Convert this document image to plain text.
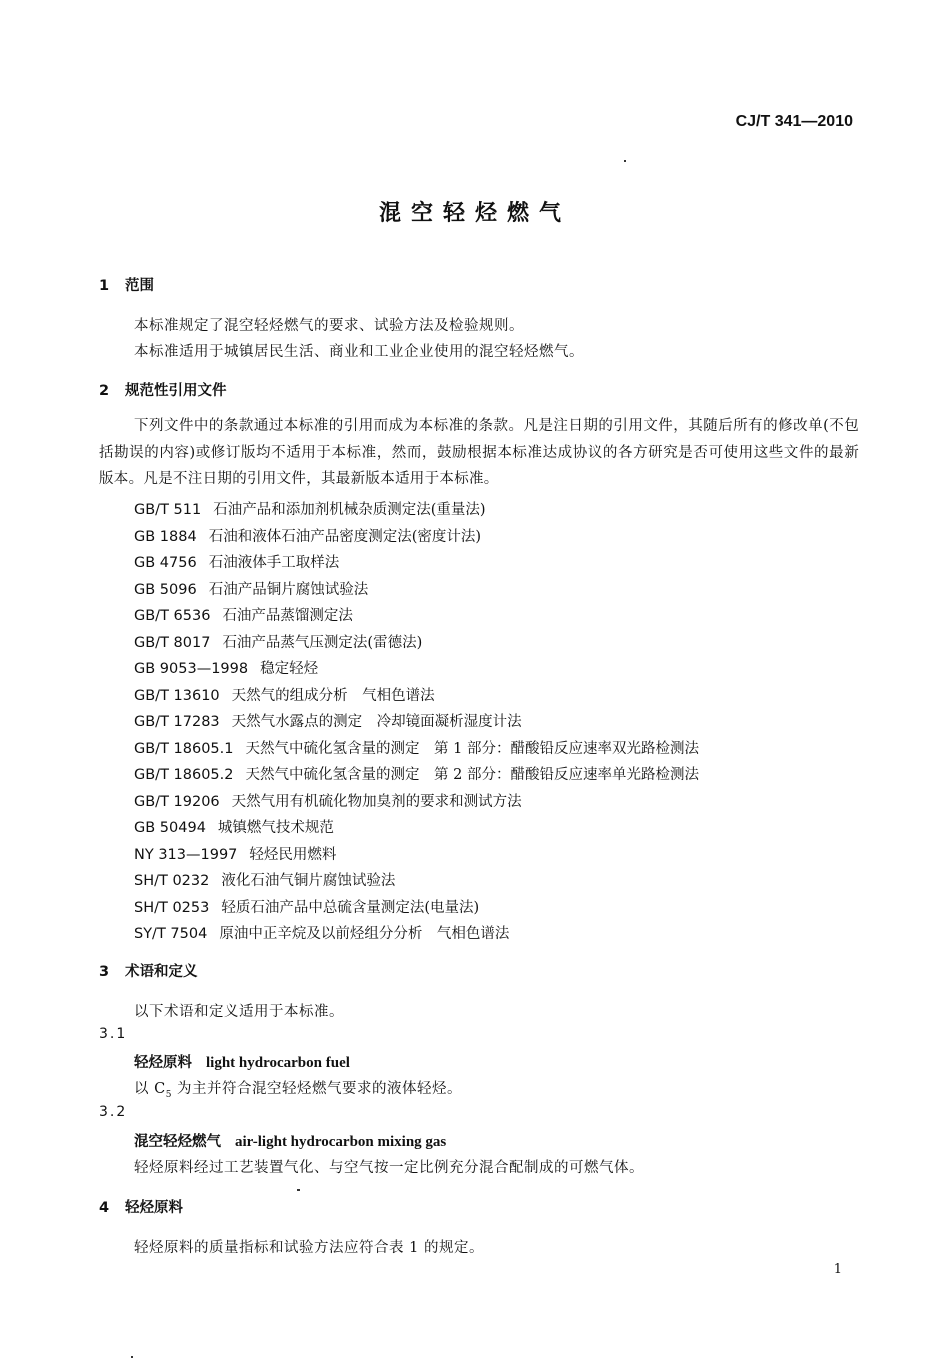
CJ/T 341—2010
混空轻烃燃气
1 范围
本标准规定了混空轻烃燃气的要求、试验方法及检验规则。
本标准适用于城镇居民生活、商业和工业企业使用的混空轻烃燃气。
2 规范性引用文件
下列文件中的条款通过本标准的引用而成为本标准的条款。凡是注日期的引用文件，其随后所有的修改单(不包括勘误的内容)或修订版均不适用于本标准，然而，鼓励根据本标准达成协议的各方研究是否可使用这些文件的最新版本。凡是不注日期的引用文件，其最新版本适用于本标准。
GB/T 511 石油产品和添加剂机械杂质测定法(重量法)
GB 1884 石油和液体石油产品密度测定法(密度计法)
GB 4756 石油液体手工取样法
GB 5096 石油产品铜片腐蚀试验法
GB/T 6536 石油产品蒸馏测定法
GB/T 8017 石油产品蒸气压测定法(雷德法)
GB 9053—1998 稳定轻烃
GB/T 13610 天然气的组成分析　气相色谱法
GB/T 17283 天然气水露点的测定　冷却镜面凝析湿度计法
GB/T 18605.1 天然气中硫化氢含量的测定　第 1 部分：醋酸铅反应速率双光路检测法
GB/T 18605.2 天然气中硫化氢含量的测定　第 2 部分：醋酸铅反应速率单光路检测法
GB/T 19206 天然气用有机硫化物加臭剂的要求和测试方法
GB 50494 城镇燃气技术规范
NY 313—1997 轻烃民用燃料
SH/T 0232 液化石油气铜片腐蚀试验法
SH/T 0253 轻质石油产品中总硫含量测定法(电量法)
SY/T 7504 原油中正辛烷及以前烃组分分析　气相色谱法
3 术语和定义
以下术语和定义适用于本标准。
3.1
轻烃原料 light hydrocarbon fuel
以 $C_5$ 为主并符合混空轻烃燃气要求的液体轻烃。
3.2
混空轻烃燃气 air-light hydrocarbon mixing gas
轻烃原料经过工艺装置气化、与空气按一定比例充分混合配制成的可燃气体。
4 轻烃原料
轻烃原料的质量指标和试验方法应符合表 1 的规定。
1
